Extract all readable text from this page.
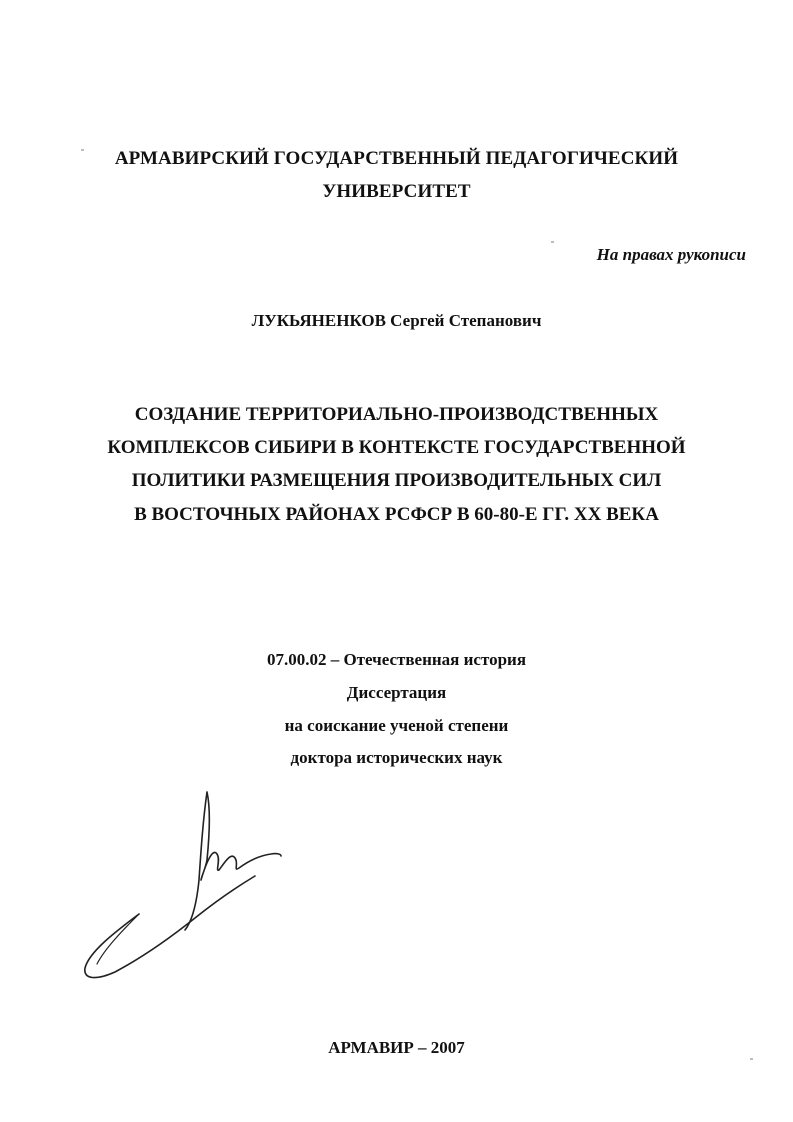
АРМАВИРСКИЙ ГОСУДАРСТВЕННЫЙ ПЕДАГОГИЧЕСКИЙ
УНИВЕРСИТЕТ
На правах рукописи
ЛУКЬЯНЕНКОВ Сергей Степанович
СОЗДАНИЕ ТЕРРИТОРИАЛЬНО-ПРОИЗВОДСТВЕННЫХ
КОМПЛЕКСОВ СИБИРИ В КОНТЕКСТЕ ГОСУДАРСТВЕННОЙ
ПОЛИТИКИ РАЗМЕЩЕНИЯ ПРОИЗВОДИТЕЛЬНЫХ СИЛ
В ВОСТОЧНЫХ РАЙОНАХ РСФСР В 60-80-Е ГГ. XX ВЕКА
07.00.02 – Отечественная история
Диссертация
на соискание ученой степени
доктора исторических наук
АРМАВИР – 2007
